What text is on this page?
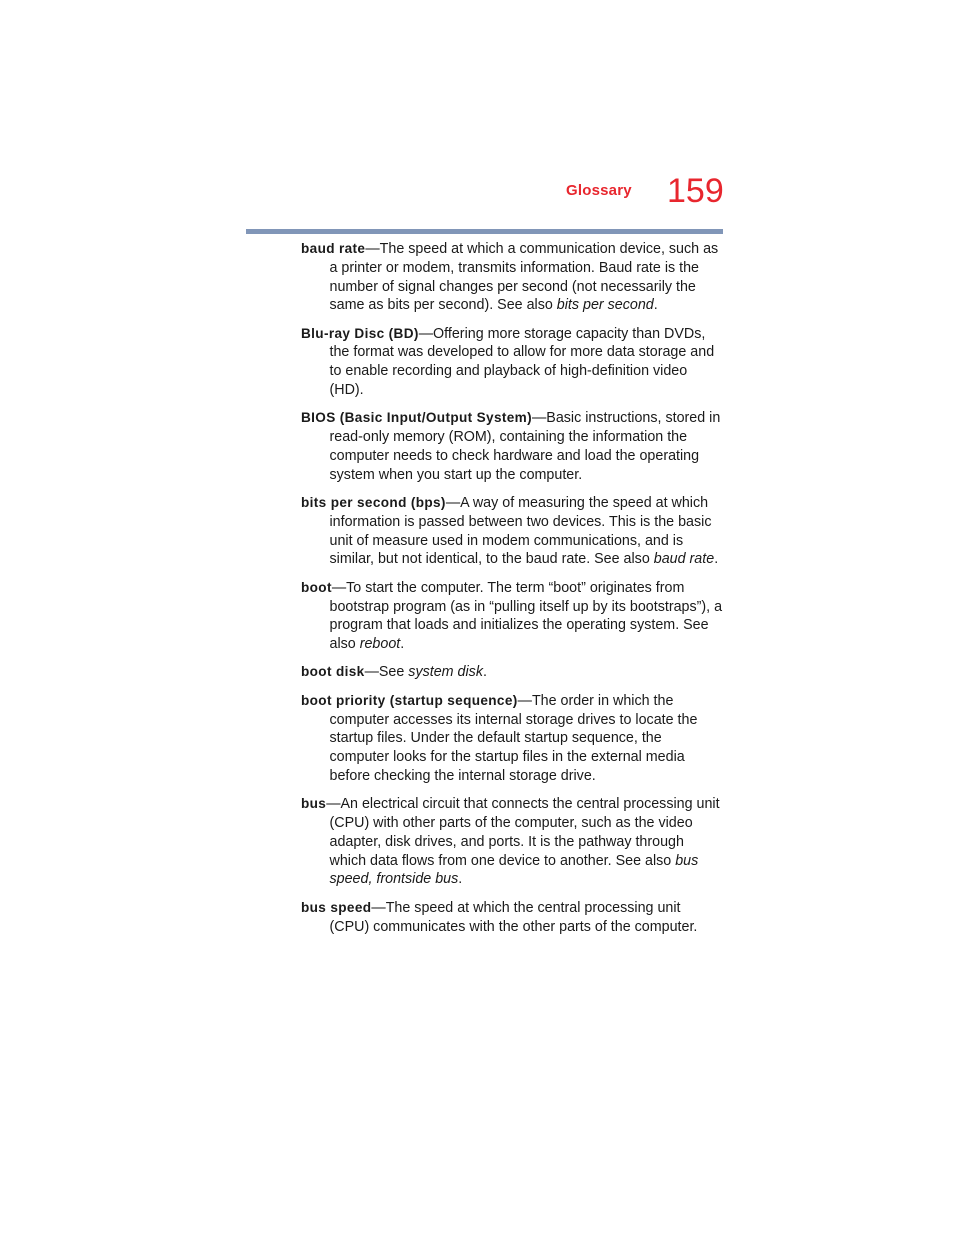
Glossary 159

baud rate—The speed at which a communication device, such as a printer or modem, transmits information. Baud rate is the number of signal changes per second (not necessarily the same as bits per second). See also bits per second.

Blu-ray Disc (BD)—Offering more storage capacity than DVDs, the format was developed to allow for more data storage and to enable recording and playback of high-definition video (HD).

BIOS (Basic Input/Output System)—Basic instructions, stored in read-only memory (ROM), containing the information the computer needs to check hardware and load the operating system when you start up the computer.

bits per second (bps)—A way of measuring the speed at which information is passed between two devices. This is the basic unit of measure used in modem communications, and is similar, but not identical, to the baud rate. See also baud rate.

boot—To start the computer. The term “boot” originates from bootstrap program (as in “pulling itself up by its bootstraps”), a program that loads and initializes the operating system. See also reboot.

boot disk—See system disk.

boot priority (startup sequence)—The order in which the computer accesses its internal storage drives to locate the startup files. Under the default startup sequence, the computer looks for the startup files in the external media before checking the internal storage drive.

bus—An electrical circuit that connects the central processing unit (CPU) with other parts of the computer, such as the video adapter, disk drives, and ports. It is the pathway through which data flows from one device to another. See also bus speed, frontside bus.

bus speed—The speed at which the central processing unit (CPU) communicates with the other parts of the computer.
